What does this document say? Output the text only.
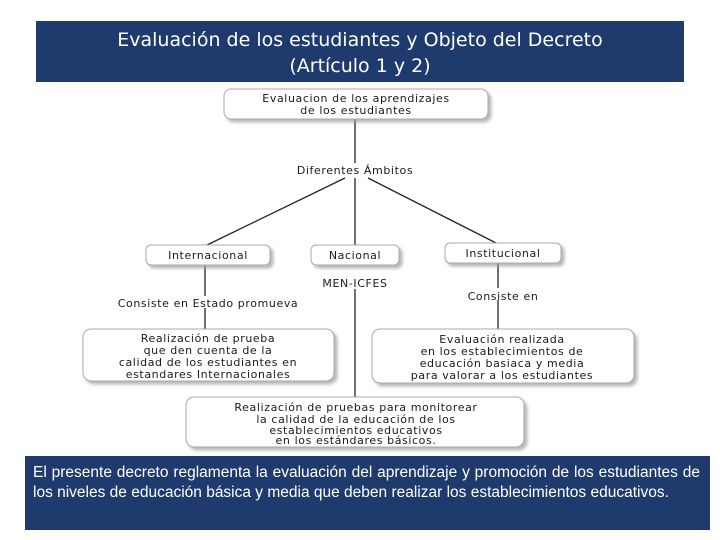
Evaluación de los estudiantes y Objeto del Decreto
(Artículo 1 y 2)
Evaluacion de los aprendizajes
de los estudiantes
Diferentes Ámbitos
Internacional	Nacional	Institucional
MEN-ICFES
Consiste en Estado promueva
Consiste en
Realización de prueba
que den cuenta de la
calidad de los estudiantes en
estandares Internacionales
Evaluación realizada
en los establecimientos de
educación basiaca y media
para valorar a los estudiantes
Realización de pruebas para monitorear
la calidad de la educación de los
establecimientos educativos
en los estándares básicos.
El presente decreto reglamenta la evaluación del aprendizaje y promoción de los estudiantes de los niveles de educación básica y media que deben realizar los establecimientos educativos.
